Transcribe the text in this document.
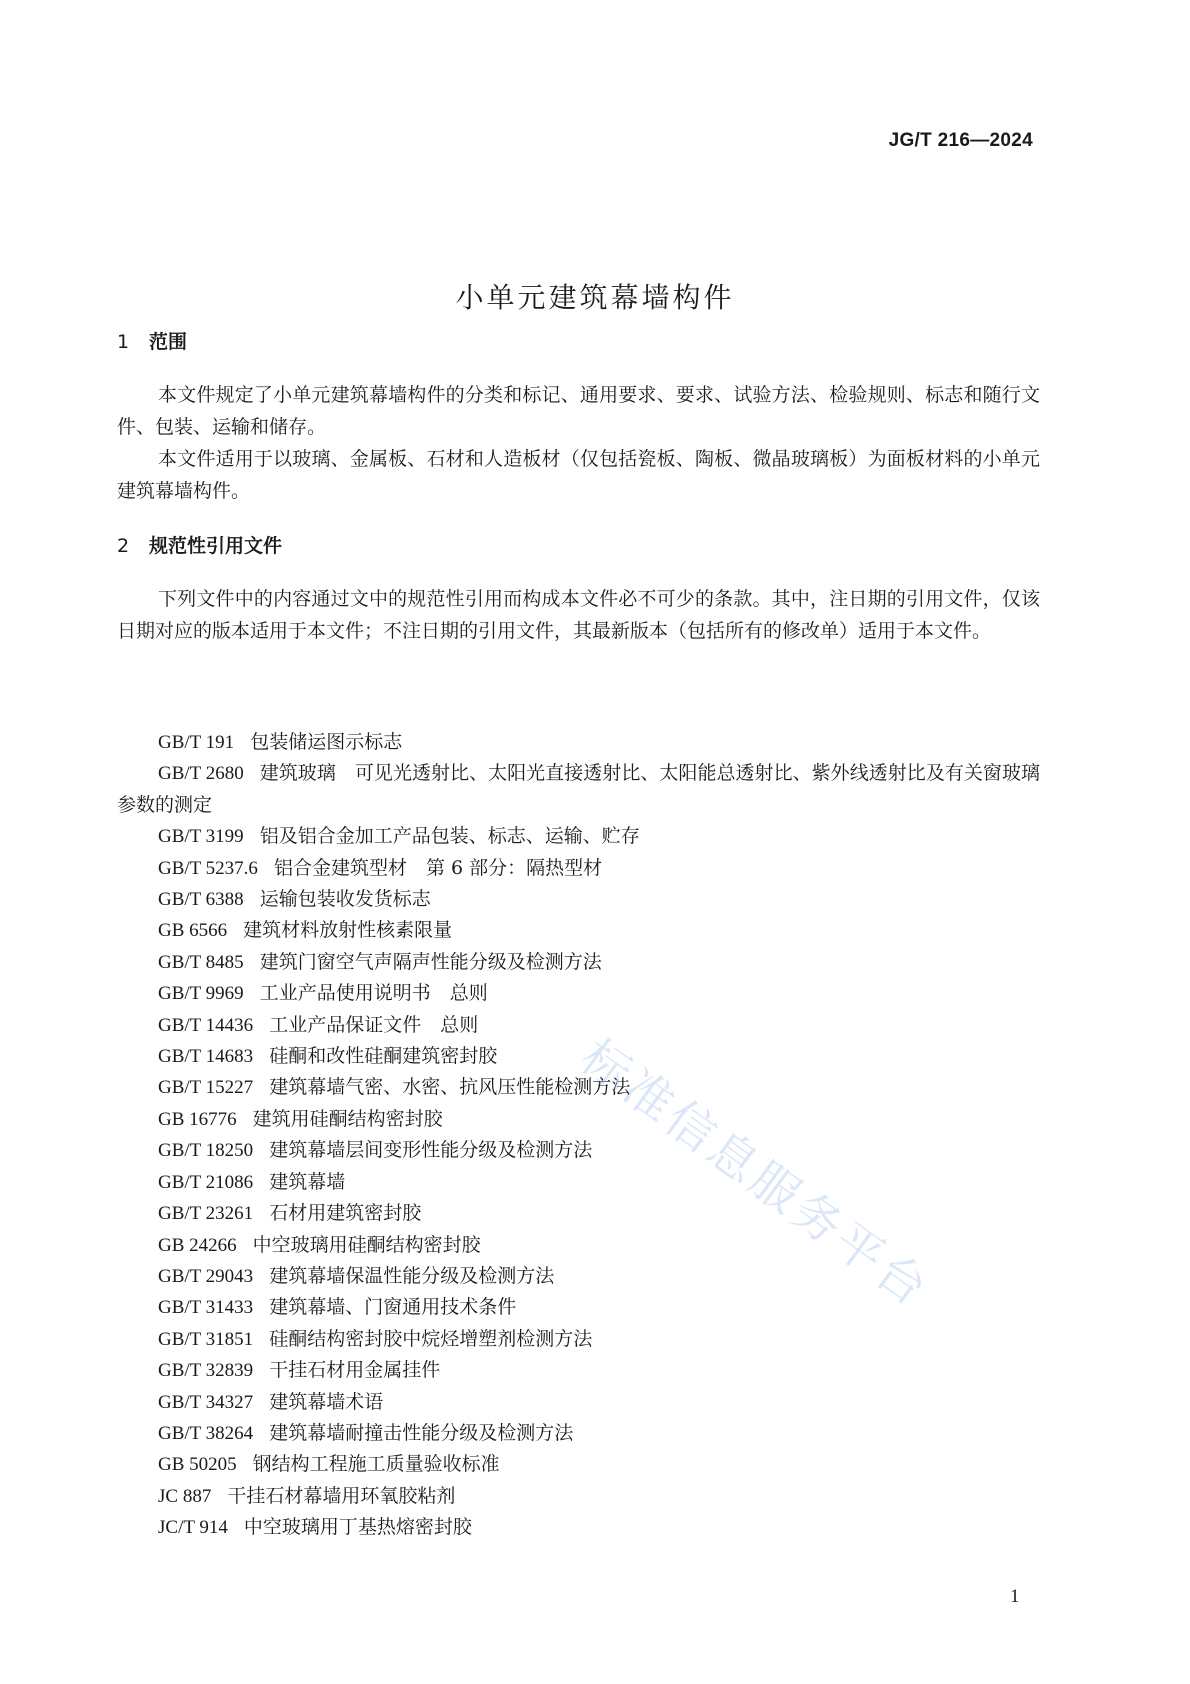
JG/T 216—2024
小单元建筑幕墙构件
1 范围

本文件规定了小单元建筑幕墙构件的分类和标记、通用要求、要求、试验方法、检验规则、标志和随行文件、包装、运输和储存。

本文件适用于以玻璃、金属板、石材和人造板材（仅包括瓷板、陶板、微晶玻璃板）为面板材料的小单元建筑幕墙构件。

2 规范性引用文件

下列文件中的内容通过文中的规范性引用而构成本文件必不可少的条款。其中，注日期的引用文件，仅该日期对应的版本适用于本文件；不注日期的引用文件，其最新版本（包括所有的修改单）适用于本文件。

GB/T 191 包装储运图示标志
GB/T 2680 建筑玻璃　可见光透射比、太阳光直接透射比、太阳能总透射比、紫外线透射比及有关窗玻璃参数的测定
GB/T 3199 铝及铝合金加工产品包装、标志、运输、贮存
GB/T 5237.6 铝合金建筑型材　第 6 部分：隔热型材
GB/T 6388 运输包装收发货标志
GB 6566 建筑材料放射性核素限量
GB/T 8485 建筑门窗空气声隔声性能分级及检测方法
GB/T 9969 工业产品使用说明书　总则
GB/T 14436 工业产品保证文件　总则
GB/T 14683 硅酮和改性硅酮建筑密封胶
GB/T 15227 建筑幕墙气密、水密、抗风压性能检测方法
GB 16776 建筑用硅酮结构密封胶
GB/T 18250 建筑幕墙层间变形性能分级及检测方法
GB/T 21086 建筑幕墙
GB/T 23261 石材用建筑密封胶
GB 24266 中空玻璃用硅酮结构密封胶
GB/T 29043 建筑幕墙保温性能分级及检测方法
GB/T 31433 建筑幕墙、门窗通用技术条件
GB/T 31851 硅酮结构密封胶中烷烃增塑剂检测方法
GB/T 32839 干挂石材用金属挂件
GB/T 34327 建筑幕墙术语
GB/T 38264 建筑幕墙耐撞击性能分级及检测方法
GB 50205 钢结构工程施工质量验收标准
JC 887 干挂石材幕墙用环氧胶粘剂
JC/T 914 中空玻璃用丁基热熔密封胶
1
标准信息服务平台
